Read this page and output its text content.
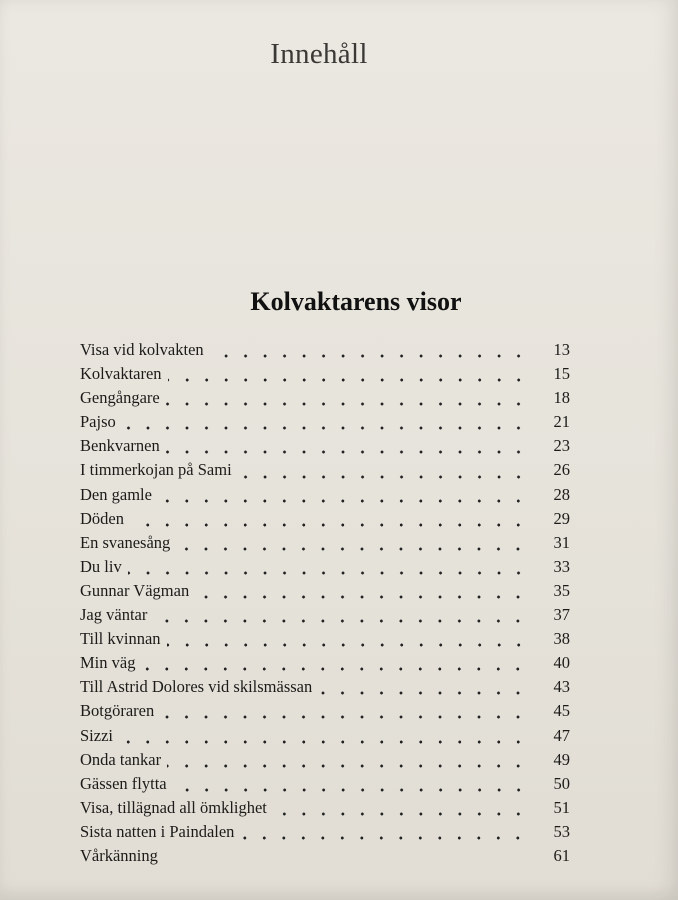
Innehåll
Kolvaktarens visor
Visa vid kolvakten	13
Kolvaktaren	15
Gengångare	18
Pajso	21
Benkvarnen	23
I timmerkojan på Sami	26
Den gamle	28
Döden	29
En svanesång	31
Du liv	33
Gunnar Vägman	35
Jag väntar	37
Till kvinnan	38
Min väg	40
Till Astrid Dolores vid skilsmässan	43
Botgöraren	45
Sizzi	47
Onda tankar	49
Gässen flytta	50
Visa, tillägnad all ömklighet	51
Sista natten i Paindalen	53
Vårkänning	61
